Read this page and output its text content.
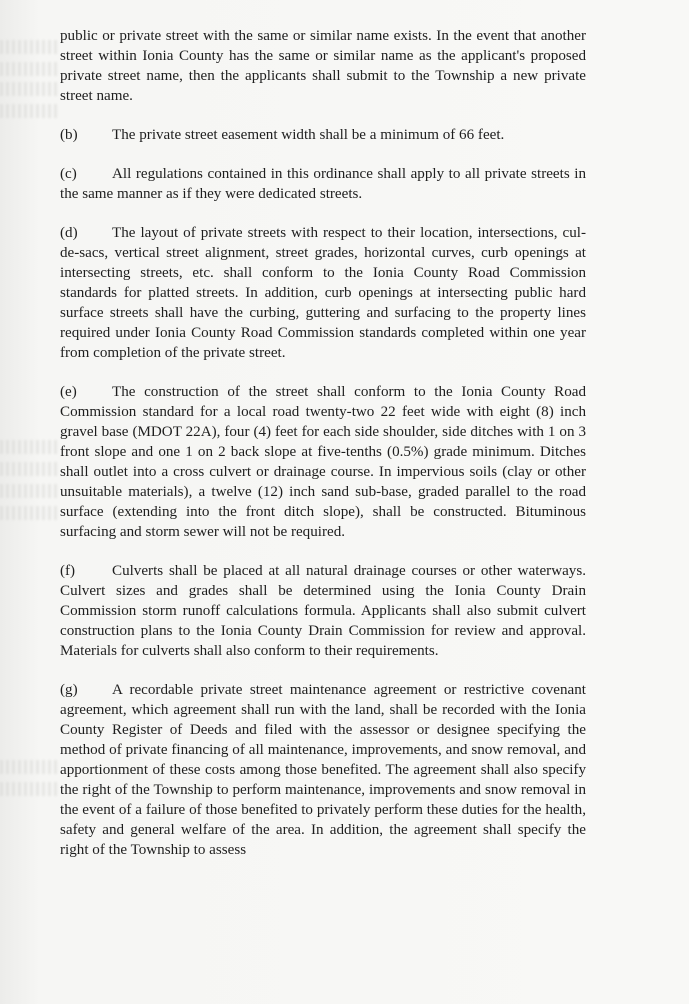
public or private street with the same or similar name exists. In the event that another street within Ionia County has the same or similar name as the applicant's proposed private street name, then the applicants shall submit to the Township a new private street name.

(b) The private street easement width shall be a minimum of 66 feet.

(c) All regulations contained in this ordinance shall apply to all private streets in the same manner as if they were dedicated streets.

(d) The layout of private streets with respect to their location, intersections, cul-de-sacs, vertical street alignment, street grades, horizontal curves, curb openings at intersecting streets, etc. shall conform to the Ionia County Road Commission standards for platted streets. In addition, curb openings at intersecting public hard surface streets shall have the curbing, guttering and surfacing to the property lines required under Ionia County Road Commission standards completed within one year from completion of the private street.

(e) The construction of the street shall conform to the Ionia County Road Commission standard for a local road twenty-two 22 feet wide with eight (8) inch gravel base (MDOT 22A), four (4) feet for each side shoulder, side ditches with 1 on 3 front slope and one 1 on 2 back slope at five-tenths (0.5%) grade minimum. Ditches shall outlet into a cross culvert or drainage course. In impervious soils (clay or other unsuitable materials), a twelve (12) inch sand sub-base, graded parallel to the road surface (extending into the front ditch slope), shall be constructed. Bituminous surfacing and storm sewer will not be required.

(f) Culverts shall be placed at all natural drainage courses or other waterways. Culvert sizes and grades shall be determined using the Ionia County Drain Commission storm runoff calculations formula. Applicants shall also submit culvert construction plans to the Ionia County Drain Commission for review and approval. Materials for culverts shall also conform to their requirements.

(g) A recordable private street maintenance agreement or restrictive covenant agreement, which agreement shall run with the land, shall be recorded with the Ionia County Register of Deeds and filed with the assessor or designee specifying the method of private financing of all maintenance, improvements, and snow removal, and apportionment of these costs among those benefited. The agreement shall also specify the right of the Township to perform maintenance, improvements and snow removal in the event of a failure of those benefited to privately perform these duties for the health, safety and general welfare of the area. In addition, the agreement shall specify the right of the Township to assess
